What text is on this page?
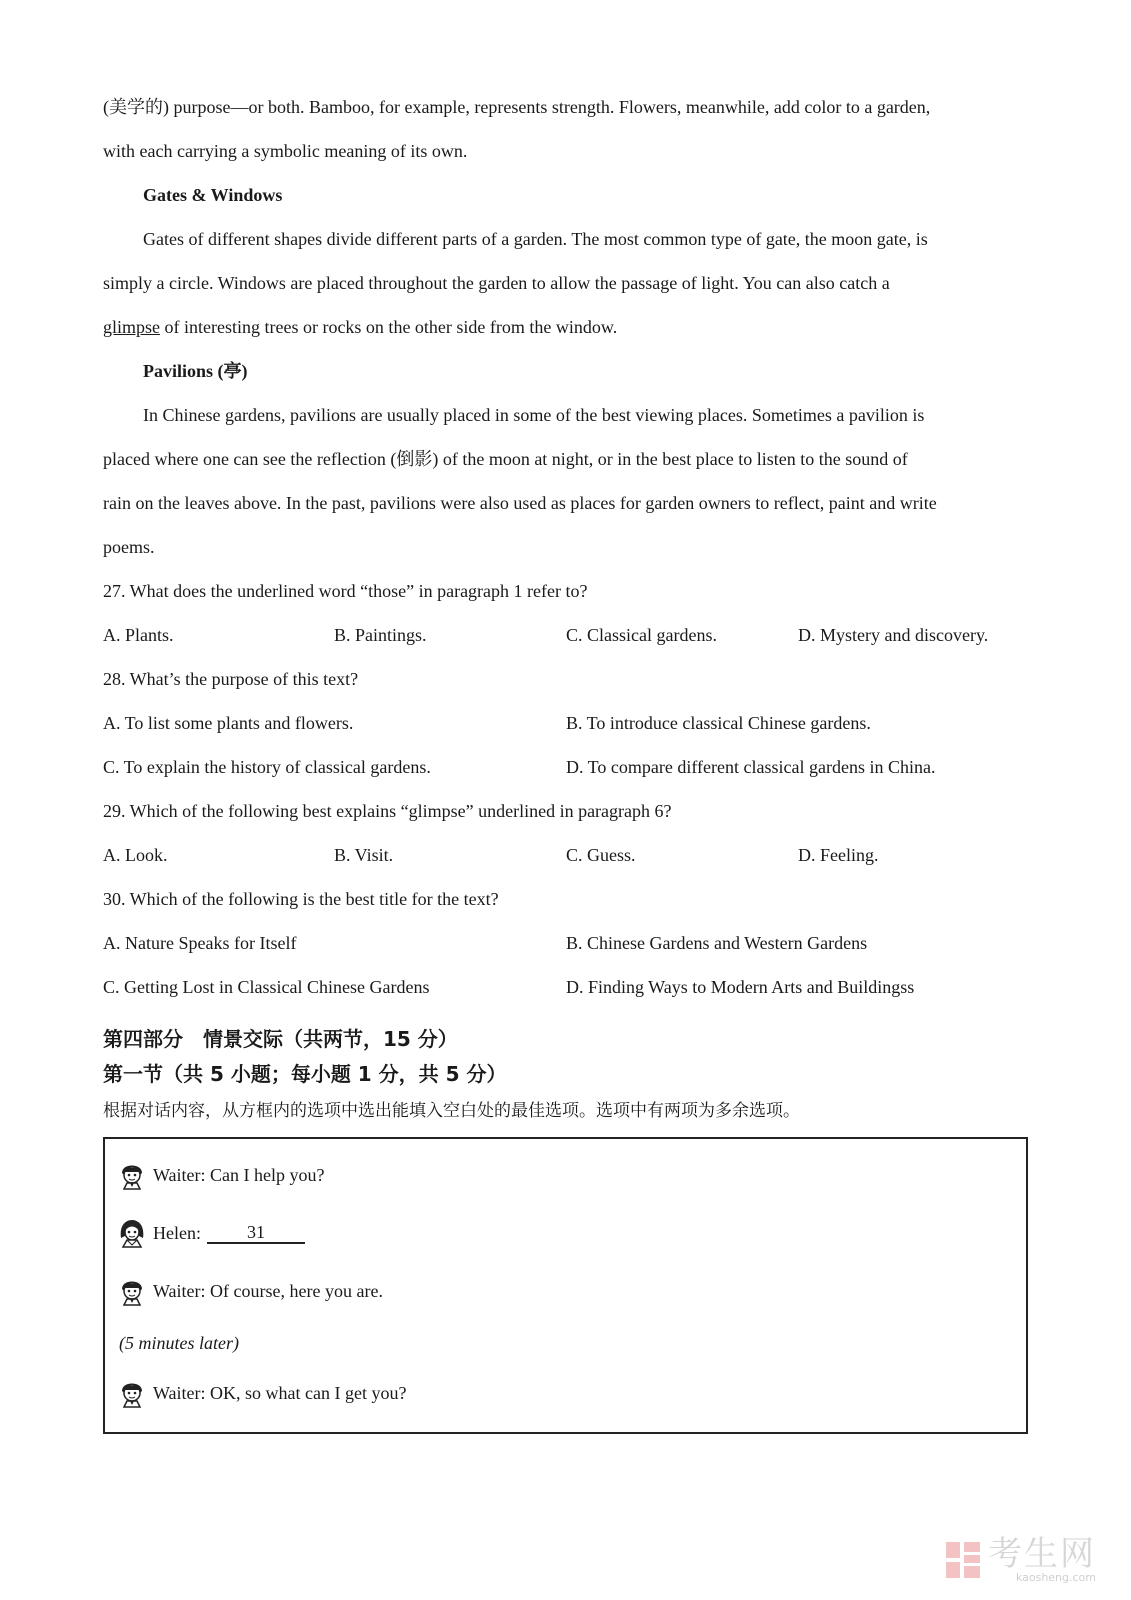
(美学的) purpose—or both. Bamboo, for example, represents strength. Flowers, meanwhile, add color to a garden,
with each carrying a symbolic meaning of its own.
Gates & Windows
Gates of different shapes divide different parts of a garden. The most common type of gate, the moon gate, is
simply a circle. Windows are placed throughout the garden to allow the passage of light. You can also catch a
glimpse of interesting trees or rocks on the other side from the window.
Pavilions (亭)
In Chinese gardens, pavilions are usually placed in some of the best viewing places. Sometimes a pavilion is
placed where one can see the reflection (倒影) of the moon at night, or in the best place to listen to the sound of
rain on the leaves above. In the past, pavilions were also used as places for garden owners to reflect, paint and write
poems.
27. What does the underlined word “those” in paragraph 1 refer to?
A. Plants.	B. Paintings.	C. Classical gardens.	D. Mystery and discovery.
28. What’s the purpose of this text?
A. To list some plants and flowers.	B. To introduce classical Chinese gardens.
C. To explain the history of classical gardens.	D. To compare different classical gardens in China.
29. Which of the following best explains “glimpse” underlined in paragraph 6?
A. Look.	B. Visit.	C. Guess.	D. Feeling.
30. Which of the following is the best title for the text?
A. Nature Speaks for Itself	B. Chinese Gardens and Western Gardens
C. Getting Lost in Classical Chinese Gardens	D. Finding Ways to Modern Arts and Buildingss
第四部分　情景交际（共两节，15 分）
第一节（共 5 小题；每小题 1 分，共 5 分）
根据对话内容，从方框内的选项中选出能填入空白处的最佳选项。选项中有两项为多余选项。
Waiter: Can I help you?
Helen:	31
Waiter: Of course, here you are.
(5 minutes later)
Waiter: OK, so what can I get you?
考生网
kaosheng.com
